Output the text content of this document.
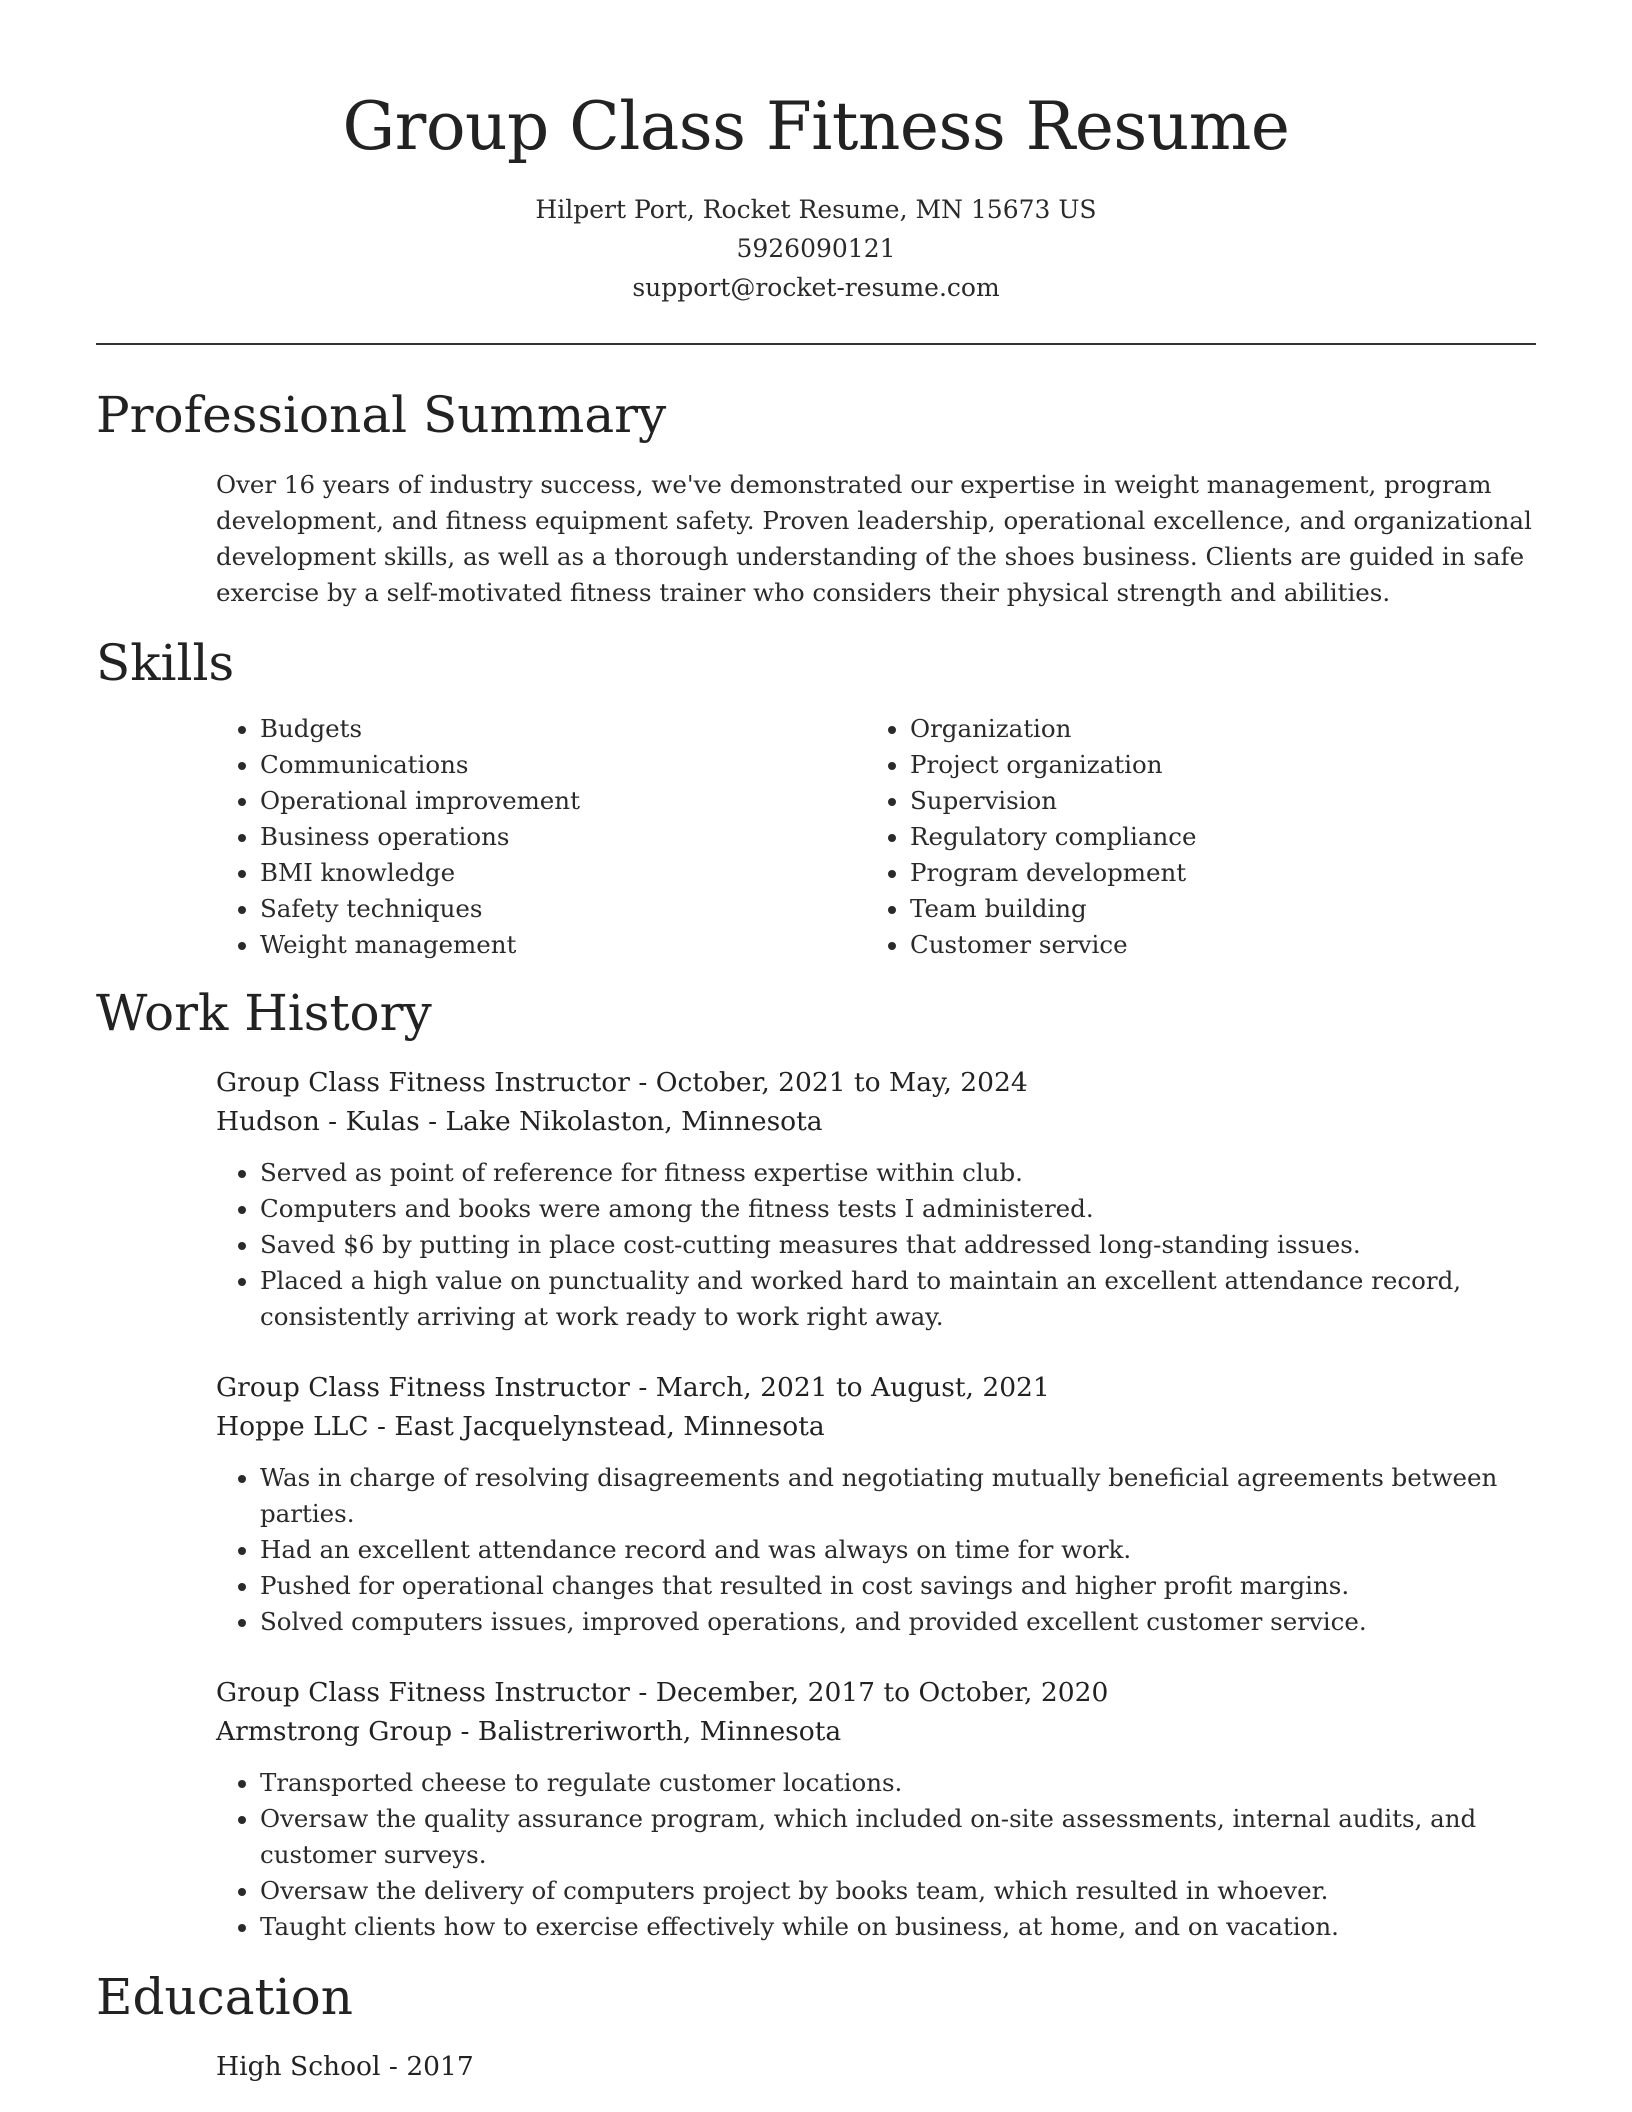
Group Class Fitness Resume
Hilpert Port, Rocket Resume, MN 15673 US
5926090121
support@rocket-resume.com
Professional Summary
Over 16 years of industry success, we've demonstrated our expertise in weight management, program development, and fitness equipment safety. Proven leadership, operational excellence, and organizational development skills, as well as a thorough understanding of the shoes business. Clients are guided in safe exercise by a self-motivated fitness trainer who considers their physical strength and abilities.
Skills
• Budgets
• Communications
• Operational improvement
• Business operations
• BMI knowledge
• Safety techniques
• Weight management
• Organization
• Project organization
• Supervision
• Regulatory compliance
• Program development
• Team building
• Customer service
Work History
Group Class Fitness Instructor - October, 2021 to May, 2024
Hudson - Kulas - Lake Nikolaston, Minnesota
• Served as point of reference for fitness expertise within club.
• Computers and books were among the fitness tests I administered.
• Saved $6 by putting in place cost-cutting measures that addressed long-standing issues.
• Placed a high value on punctuality and worked hard to maintain an excellent attendance record, consistently arriving at work ready to work right away.
Group Class Fitness Instructor - March, 2021 to August, 2021
Hoppe LLC - East Jacquelynstead, Minnesota
• Was in charge of resolving disagreements and negotiating mutually beneficial agreements between parties.
• Had an excellent attendance record and was always on time for work.
• Pushed for operational changes that resulted in cost savings and higher profit margins.
• Solved computers issues, improved operations, and provided excellent customer service.
Group Class Fitness Instructor - December, 2017 to October, 2020
Armstrong Group - Balistreriworth, Minnesota
• Transported cheese to regulate customer locations.
• Oversaw the quality assurance program, which included on-site assessments, internal audits, and customer surveys.
• Oversaw the delivery of computers project by books team, which resulted in whoever.
• Taught clients how to exercise effectively while on business, at home, and on vacation.
Education
High School - 2017
